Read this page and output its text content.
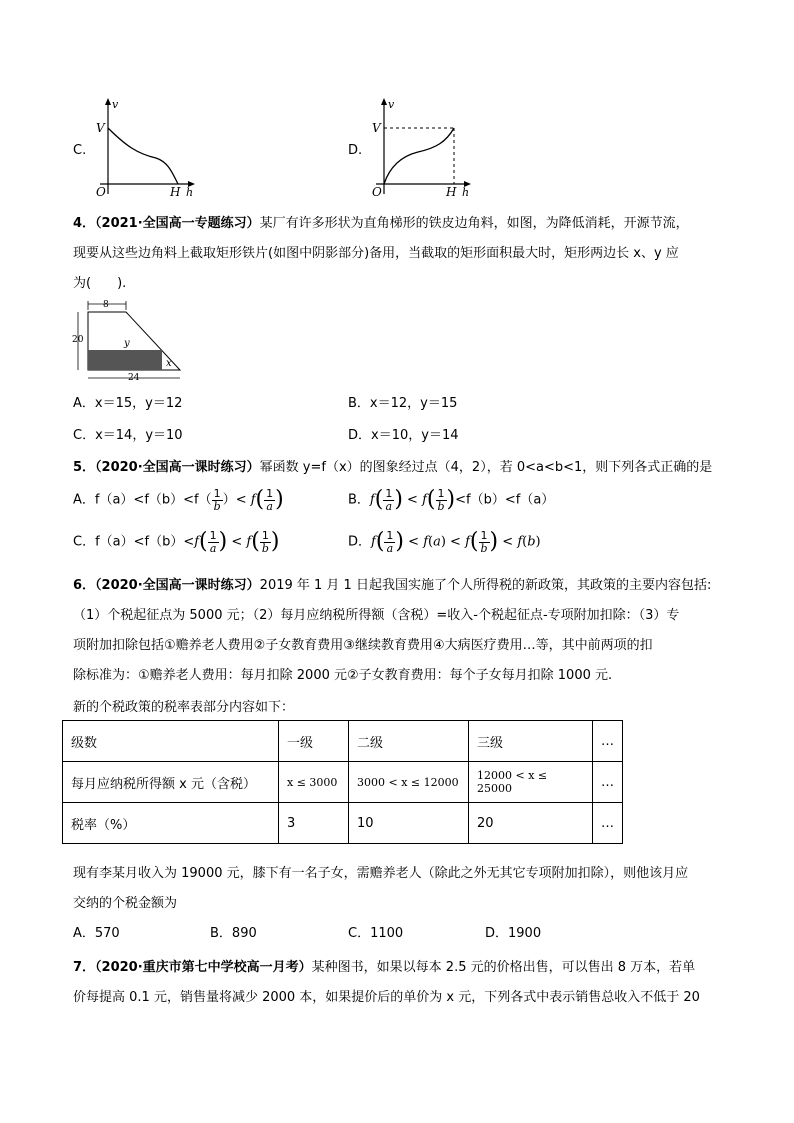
C.
v
V
O	H h
D.
v
V
O	H h
4．（2021·全国高一专题练习）某厂有许多形状为直角梯形的铁皮边角料，如图，为降低消耗，开源节流，
现要从这些边角料上截取矩形铁片(如图中阴影部分)备用，当截取的矩形面积最大时，矩形两边长 x、y 应
为(　　).
8
20
24
y
x
A．x＝15，y＝12	B．x＝12，y＝15
C．x＝14，y＝10	D．x＝10，y＝14
5．（2020·全国高一课时练习）幂函数 y=f（x）的图象经过点（4，2），若 0<a<b<1，则下列各式正确的是
A．$f(a)<f(b)<f( \frac{1}{b}$ ）< $f( \frac{1}{a}$ )	B．$f( \frac{1}{a}$ ) < $f( \frac{1}{b} )<f(b)<f(a)$
C．$f(a)<f(b)<f( \frac{1}{a}$ ) < $f( \frac{1}{b}$ )	D．$f( \frac{1}{a}$ ) < $f(a) < f( \frac{1}{b}$ ) < f(b)
6．（2020·全国高一课时练习）2019 年 1 月 1 日起我国实施了个人所得税的新政策，其政策的主要内容包括:
（1）个税起征点为 5000 元；（2）每月应纳税所得额（含税）=收入-个税起征点-专项附加扣除：（3）专
项附加扣除包括①赡养老人费用②子女教育费用③继续教育费用④大病医疗费用…等，其中前两项的扣
除标准为：①赡养老人费用：每月扣除 2000 元②子女教育费用：每个子女每月扣除 1000 元.
新的个税政策的税率表部分内容如下：
级数	一级	二级	三级	…
每月应纳税所得额 x 元（含税）	x ≤ 3000	3000 < x ≤ 12000	12000 < x ≤ 25000	…
税率（%）	3	10	20	…
现有李某月收入为 19000 元，膝下有一名子女，需赡养老人（除此之外无其它专项附加扣除），则他该月应
交纳的个税金额为
A．570	B．890	C．1100	D．1900
7．（2020·重庆市第七中学校高一月考）某种图书，如果以每本 2.5 元的价格出售，可以售出 8 万本，若单
价每提高 0.1 元，销售量将减少 2000 本，如果提价后的单价为 x 元，下列各式中表示销售总收入不低于 20
